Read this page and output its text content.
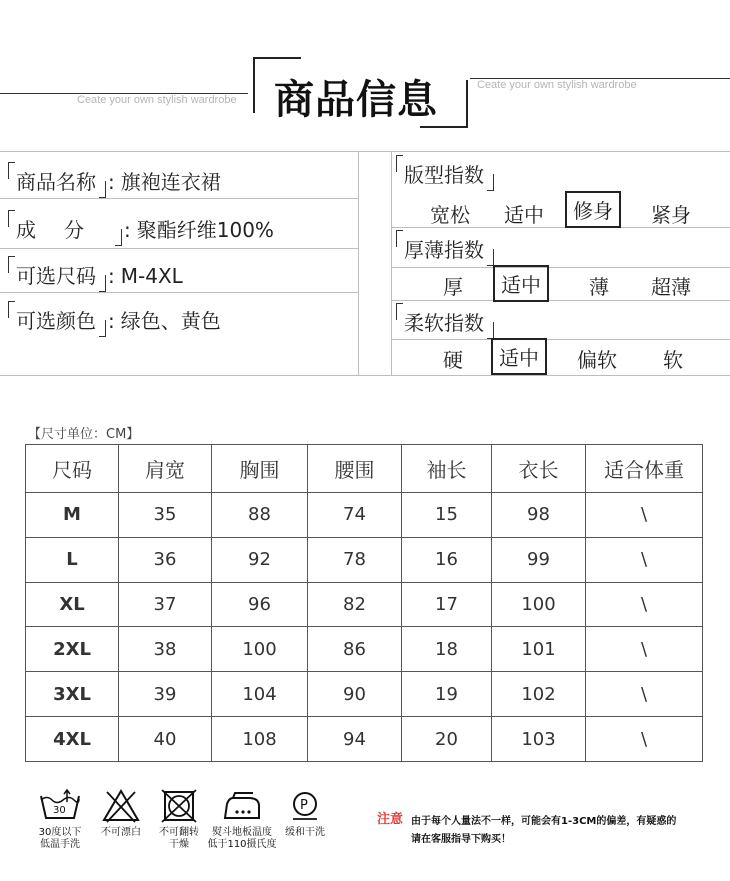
Ceate your own stylish wardrobe
Ceate your own stylish wardrobe
商品信息
商品名称 : 旗袍连衣裙
成分 : 聚酯纤维100%
可选尺码 : M-4XL
可选颜色 : 绿色、黄色
版型指数
宽松 适中	修身	紧身
厚薄指数
厚	适中	薄 超薄
柔软指数
硬	适中	偏软 软
【尺寸单位：CM】
尺码	肩宽	胸围	腰围	袖长	衣长	适合体重
M	35	88	74	15	98	\
L	36	92	78	16	99	\
XL	37	96	82	17	100	\
2XL	38	100	86	18	101	\
3XL	39	104	90	19	102	\
4XL	40	108	94	20	103	\
30
30度以下
低温手洗
不可漂白	不可翻转
干燥
熨斗地板温度
低于110摄氏度
P
缓和干洗
注意 由于每个人量法不一样，可能会有1-3CM的偏差，有疑惑的
请在客服指导下购买！
